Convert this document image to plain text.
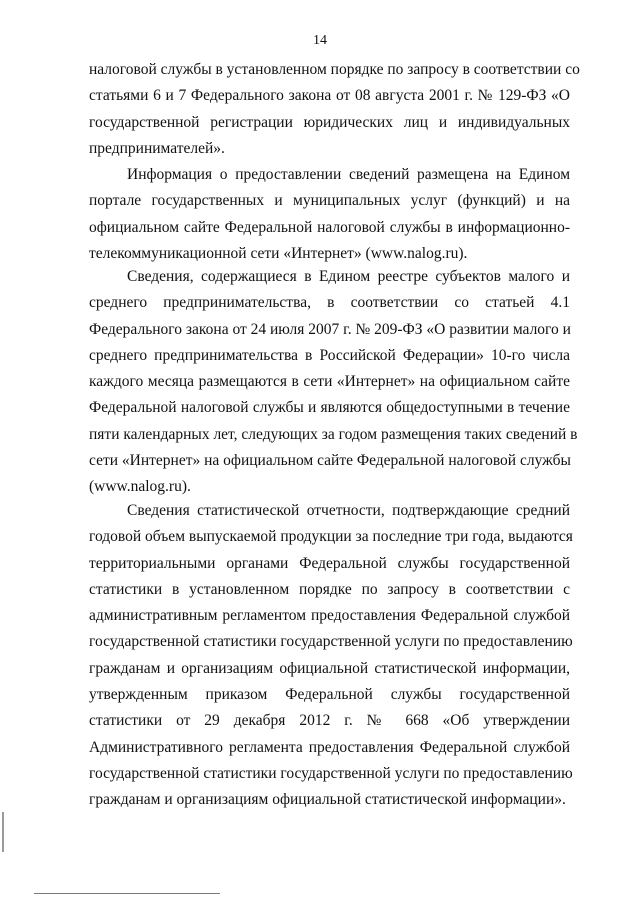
14
налоговой службы в установленном порядке по запросу в соответствии со
статьями 6 и 7 Федерального закона от 08 августа 2001 г. № 129-ФЗ «О
государственной регистрации юридических лиц и индивидуальных
предпринимателей».
Информация о предоставлении сведений размещена на Едином
портале государственных и муниципальных услуг (функций) и на
официальном сайте Федеральной налоговой службы в информационно-
телекоммуникационной сети «Интернет» (www.nalog.ru).
Сведения, содержащиеся в Едином реестре субъектов малого и
среднего предпринимательства, в соответствии со статьей 4.1
Федерального закона от 24 июля 2007 г. № 209-ФЗ «О развитии малого и
среднего предпринимательства в Российской Федерации» 10-го числа
каждого месяца размещаются в сети «Интернет» на официальном сайте
Федеральной налоговой службы и являются общедоступными в течение
пяти календарных лет, следующих за годом размещения таких сведений в
сети «Интернет» на официальном сайте Федеральной налоговой службы
(www.nalog.ru).
Сведения статистической отчетности, подтверждающие средний
годовой объем выпускаемой продукции за последние три года, выдаются
территориальными органами Федеральной службы государственной
статистики в установленном порядке по запросу в соответствии с
административным регламентом предоставления Федеральной службой
государственной статистики государственной услуги по предоставлению
гражданам и организациям официальной статистической информации,
утвержденным приказом Федеральной службы государственной
статистики от 29 декабря 2012 г. № 668 «Об утверждении
Административного регламента предоставления Федеральной службой
государственной статистики государственной услуги по предоставлению
гражданам и организациям официальной статистической информации».
